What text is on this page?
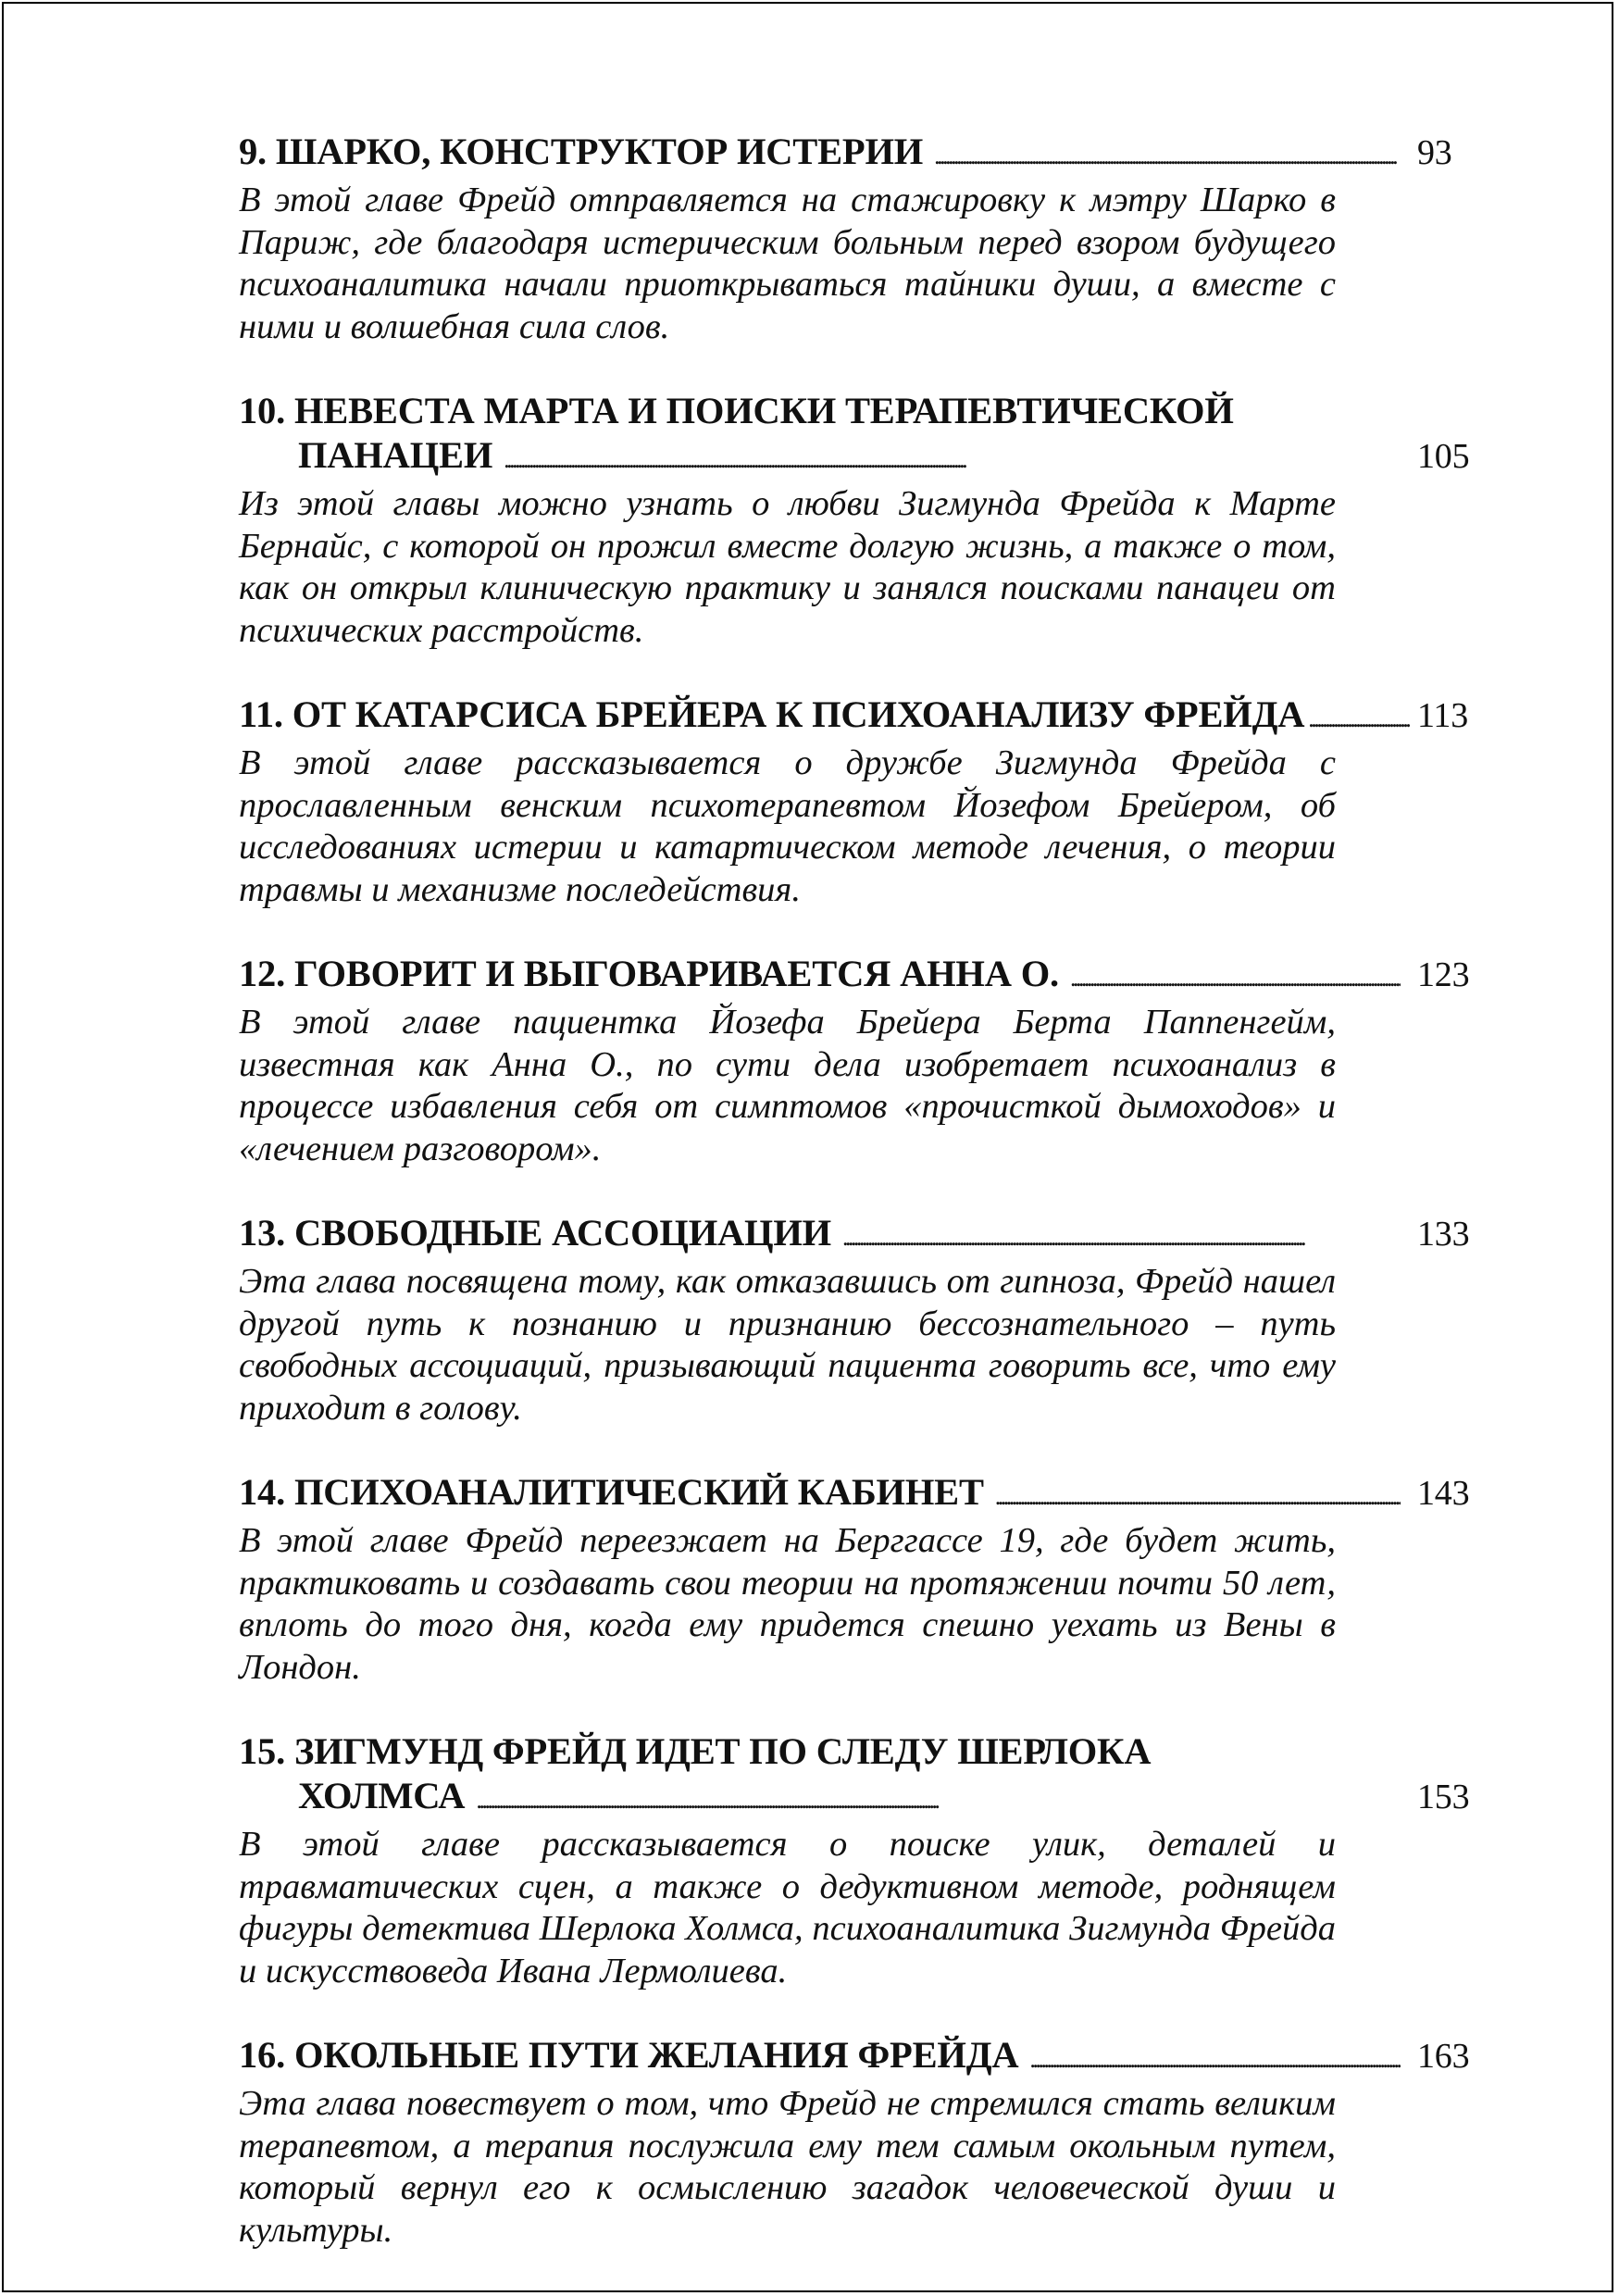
9. ШАРКО, КОНСТРУКТОР ИСТЕРИИ . . .	93
В этой главе Фрейд отправляется на стажировку к мэтру Шарко в Париж, где благодаря истерическим больным перед взором будущего психоаналитика начали приоткрываться тайники души, а вместе с ними и волшебная сила слов.
10. НЕВЕСТА МАРТА И ПОИСКИ ТЕРАПЕВТИЧЕСКОЙ
ПАНАЦЕИ . . .	105
Из этой главы можно узнать о любви Зигмунда Фрейда к Марте Бернайс, с которой он прожил вместе долгую жизнь, а также о том, как он открыл клиническую практику и занялся поисками панацеи от психических расстройств.
11. ОТ КАТАРСИСА БРЕЙЕРА К ПСИХОАНАЛИЗУ ФРЕЙДА . . .	113
В этой главе рассказывается о дружбе Зигмунда Фрейда с прославленным венским психотерапевтом Йозефом Брейером, об исследованиях истерии и катартическом методе лечения, о теории травмы и механизме последействия.
12. ГОВОРИТ И ВЫГОВАРИВАЕТСЯ АННА О. . . .	123
В этой главе пациентка Йозефа Брейера Берта Паппенгейм, известная как Анна О., по сути дела изобретает психоанализ в процессе избавления себя от симптомов «прочисткой дымоходов» и «лечением разговором».
13. СВОБОДНЫЕ АССОЦИАЦИИ . . .	133
Эта глава посвящена тому, как отказавшись от гипноза, Фрейд нашел другой путь к познанию и признанию бессознательного – путь свободных ассоциаций, призывающий пациента говорить все, что ему приходит в голову.
14. ПСИХОАНАЛИТИЧЕСКИЙ КАБИНЕТ . . .	143
В этой главе Фрейд переезжает на Берггассе 19, где будет жить, практиковать и создавать свои теории на протяжении почти 50 лет, вплоть до того дня, когда ему придется спешно уехать из Вены в Лондон.
15. ЗИГМУНД ФРЕЙД ИДЕТ ПО СЛЕДУ ШЕРЛОКА
ХОЛМСА . . .	153
В этой главе рассказывается о поиске улик, деталей и травматических сцен, а также о дедуктивном методе, роднящем фигуры детектива Шерлока Холмса, психоаналитика Зигмунда Фрейда и искусствоведа Ивана Лермолиева.
16. ОКОЛЬНЫЕ ПУТИ ЖЕЛАНИЯ ФРЕЙДА . . .	163
Эта глава повествует о том, что Фрейд не стремился стать великим терапевтом, а терапия послужила ему тем самым окольным путем, который вернул его к осмыслению загадок человеческой души и культуры.
